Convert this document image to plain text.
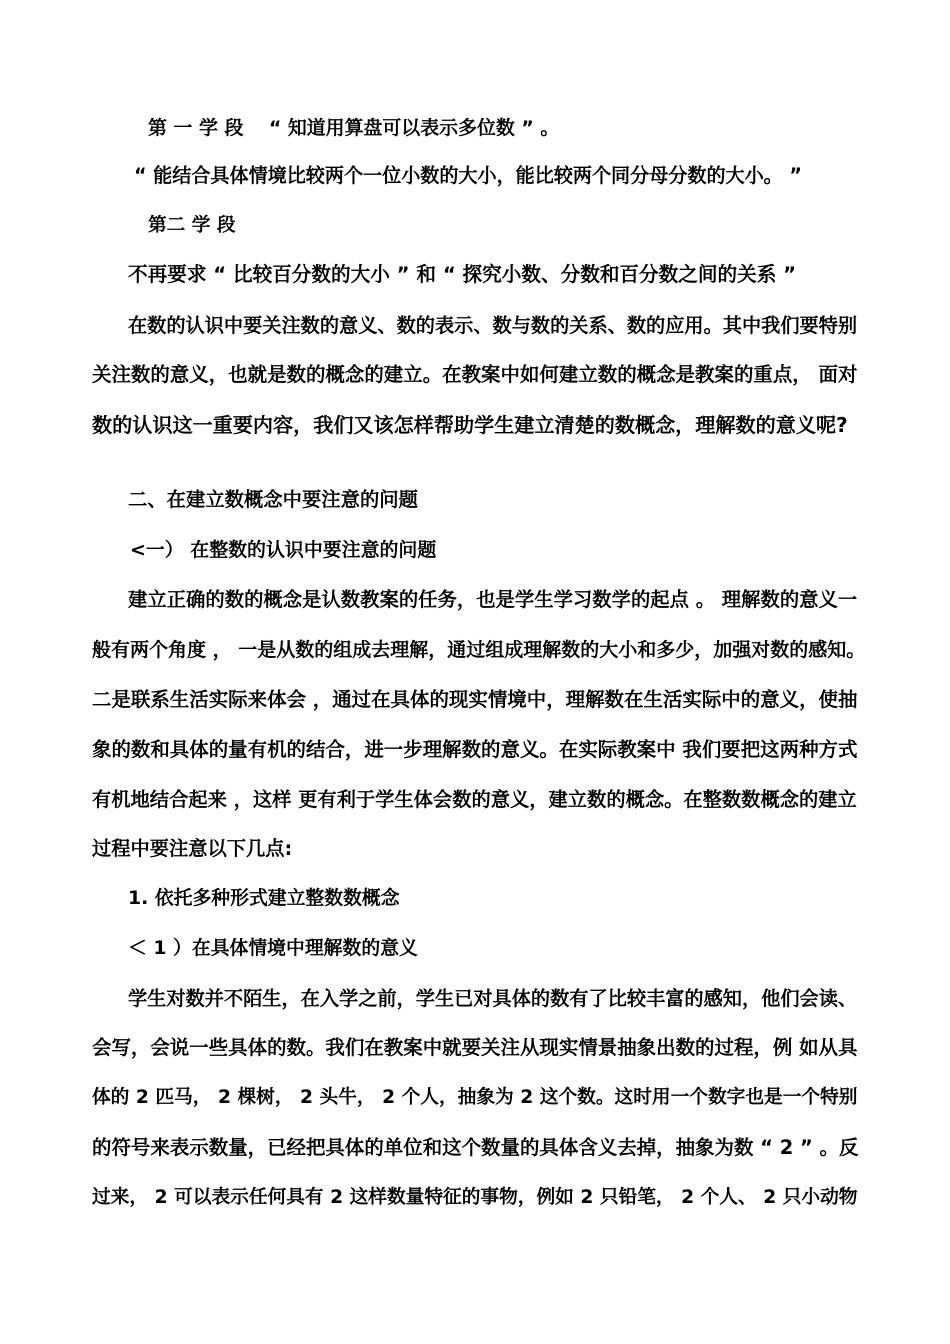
第 一 学 段　 “ 知道用算盘可以表示多位数 ” 。
“ 能结合具体情境比较两个一位小数的大小，能比较两个同分母分数的大小。 ”
第二 学 段
不再要求 “ 比较百分数的大小 ” 和 “ 探究小数、分数和百分数之间的关系 ”
在数的认识中要关注数的意义、数的表示、数与数的关系、数的应用。其中我们要特别
关注数的意义，也就是数的概念的建立。在教案中如何建立数的概念是教案的重点， 面对
数的认识这一重要内容，我们又该怎样帮助学生建立清楚的数概念，理解数的意义呢?
二、在建立数概念中要注意的问题
<一） 在整数的认识中要注意的问题
建立正确的数的概念是认数教案的任务，也是学生学习数学的起点 。 理解数的意义一
般有两个角度 ， 一是从数的组成去理解，通过组成理解数的大小和多少，加强对数的感知。
二是联系生活实际来体会 ，通过在具体的现实情境中，理解数在生活实际中的意义，使抽
象的数和具体的量有机的结合，进一步理解数的意义。在实际教案中 我们要把这两种方式
有机地结合起来 ，这样 更有利于学生体会数的意义，建立数的概念。在整数数概念的建立
过程中要注意以下几点:
1. 依托多种形式建立整数数概念
＜ 1 ）在具体情境中理解数的意义
学生对数并不陌生，在入学之前，学生已对具体的数有了比较丰富的感知，他们会读、
会写，会说一些具体的数。我们在教案中就要关注从现实情景抽象出数的过程，例 如从具
体的 2 匹马， 2 棵树， 2 头牛， 2 个人，抽象为 2 这个数。这时用一个数字也是一个特别
的符号来表示数量，已经把具体的单位和这个数量的具体含义去掉，抽象为数 “ 2 ” 。反
过来， 2 可以表示任何具有 2 这样数量特征的事物，例如 2 只铅笔， 2 个人、 2 只小动物
